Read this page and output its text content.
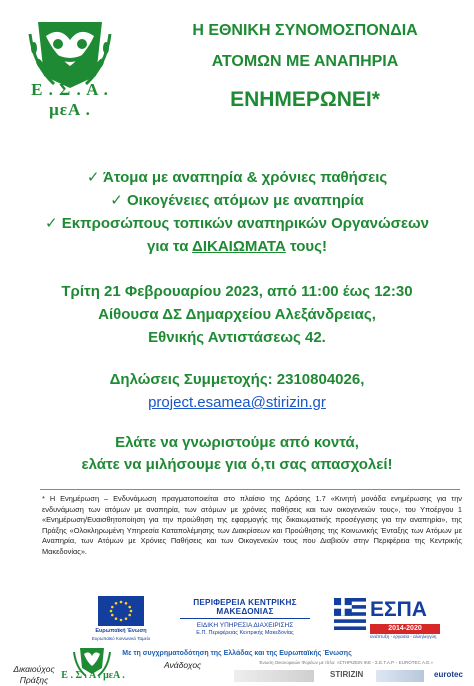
Ε . Σ . Α . μεΑ .
Η ΕΘΝΙΚΗ ΣΥΝΟΜΟΣΠΟΝΔΙΑ
ΑΤΟΜΩΝ ΜΕ ΑΝΑΠΗΡΙΑ
ΕΝΗΜΕΡΩΝΕΙ*
✓ Άτομα με αναπηρία & χρόνιες παθήσεις
✓ Οικογένειες ατόμων με αναπηρία
✓ Εκπροσώπους τοπικών αναπηρικών Οργανώσεων
για τα ΔΙΚΑΙΩΜΑΤΑ τους!
Τρίτη 21 Φεβρουαρίου 2023, από 11:00 έως 12:30
Αίθουσα ΔΣ Δημαρχείου Αλεξάνδρειας,
Εθνικής Αντιστάσεως 42.
Δηλώσεις Συμμετοχής: 2310804026,
project.esamea@stirizin.gr
Ελάτε να γνωριστούμε από κοντά,
ελάτε να μιλήσουμε για ό,τι σας απασχολεί!
* Η Ενημέρωση – Ενδυνάμωση πραγματοποιείται στο πλαίσιο της Δράσης 1.7 «Κινητή μονάδα ενημέρωσης για την ενδυνάμωση των ατόμων με αναπηρία, των ατόμων με χρόνιες παθήσεις και των οικογενειών τους», του Υποέργου 1 «Ενημέρωση/Ευαισθητοποίηση για την προώθηση της εφαρμογής της δικαιωματικής προσέγγισης για την αναπηρία», της Πράξης «Ολοκληρωμένη Υπηρεσία Καταπολέμησης των Διακρίσεων και Προώθησης της Κοινωνικής Ένταξης των Ατόμων με Αναπηρία, των Ατόμων με Χρόνιες Παθήσεις και των Οικογενειών τους που Διαβιούν στην Περιφέρεια της Κεντρικής Μακεδονίας».
Ευρωπαϊκή Ένωση
Ευρωπαϊκό Κοινωνικό Ταμείο
ΠΕΡΙΦΕΡΕΙΑ ΚΕΝΤΡΙΚΗΣ ΜΑΚΕΔΟΝΙΑΣ
ΕΙΔΙΚΗ ΥΠΗΡΕΣΙΑ ΔΙΑΧΕΙΡΙΣΗΣ
Ε.Π. Περιφέρειας Κεντρικής Μακεδονίας
ΕΣΠΑ
2014-2020
ανάπτυξη - εργασία - αλληλεγγύη
Με τη συγχρηματοδότηση της Ελλάδας και της Ευρωπαϊκής Ένωσης
Δικαιούχος
Πράξης	Ε . Σ . Α . μεΑ .
Ανάδοχος	Ένωση Οικονομικών Φορέων με τίτλο: «ΣΤΗΡΙΖΕΙΝ ΙΚΕ - Σ.Ε.Τ.Α.Ρ. - EUROTEC Α.Ε.»
STIRIZIN	eurotec
